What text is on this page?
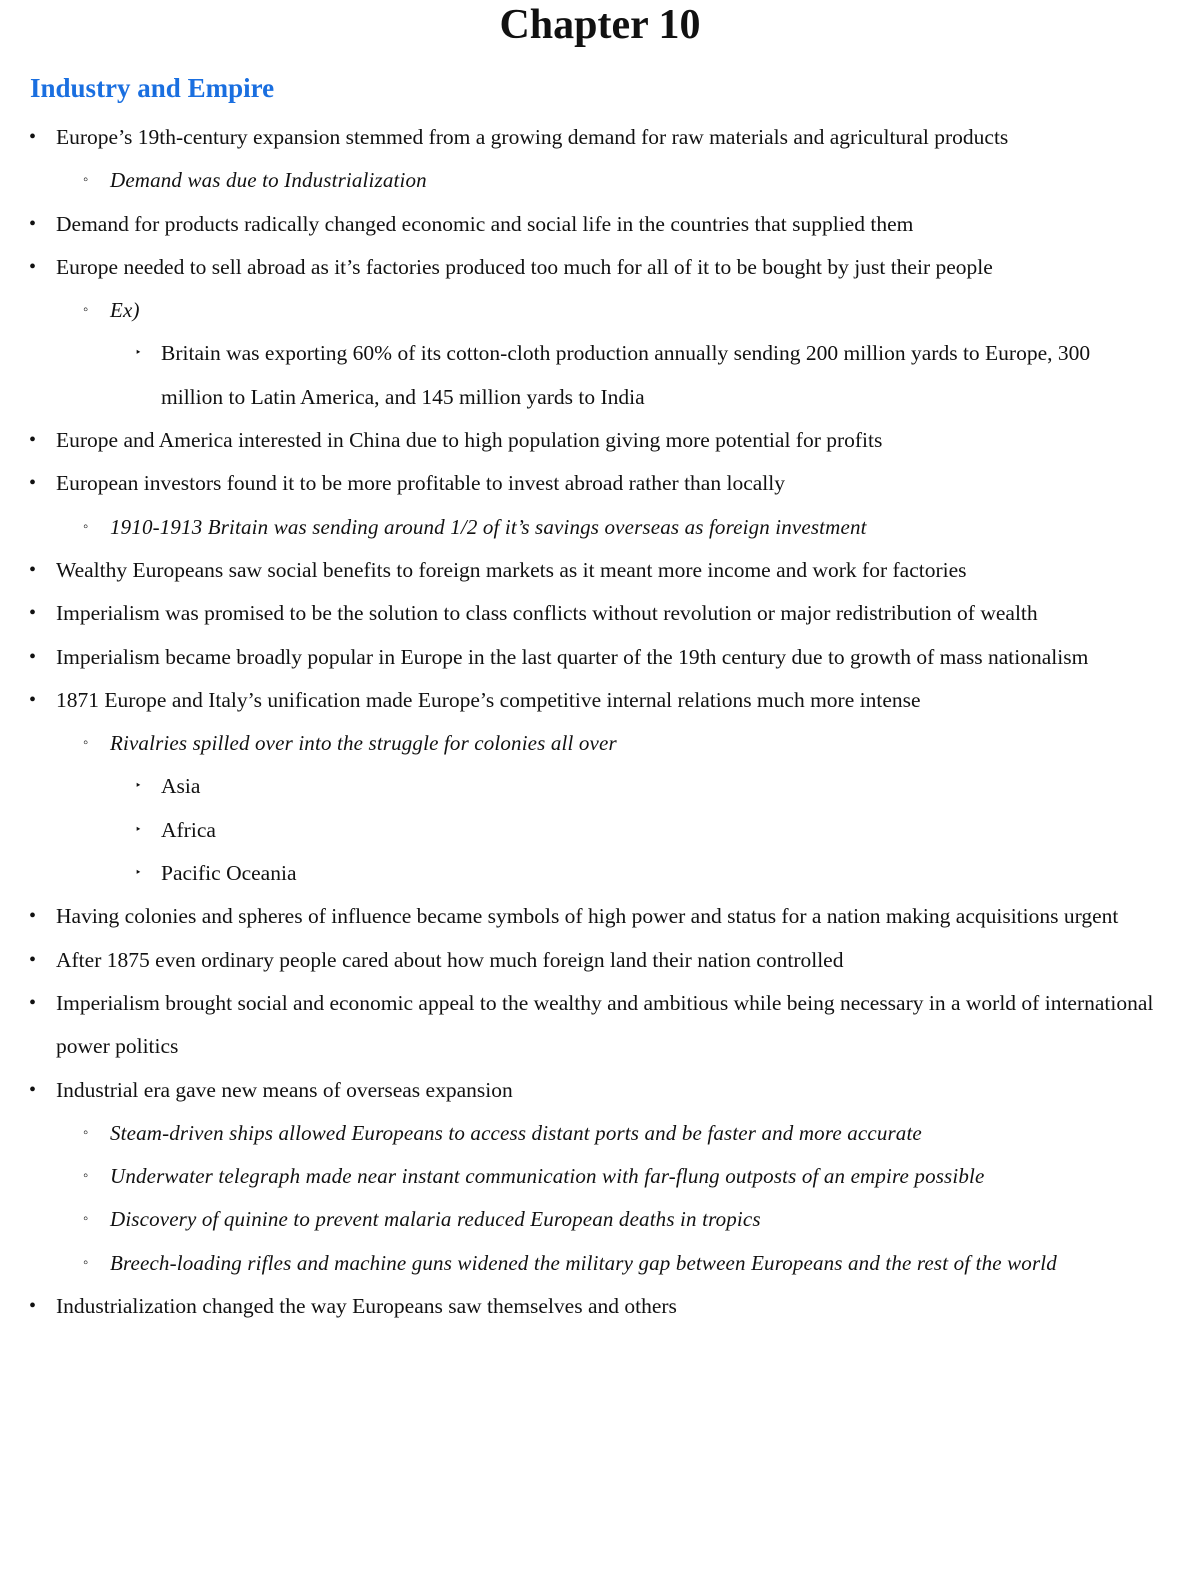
Chapter 10
Industry and Empire
• Europe’s 19th-century expansion stemmed from a growing demand for raw materials and agricultural products
◦ Demand was due to Industrialization
• Demand for products radically changed economic and social life in the countries that supplied them
• Europe needed to sell abroad as it’s factories produced too much for all of it to be bought by just their people
◦ Ex)
‣ Britain was exporting 60% of its cotton-cloth production annually sending 200 million yards to Europe, 300 million to Latin America, and 145 million yards to India
• Europe and America interested in China due to high population giving more potential for profits
• European investors found it to be more profitable to invest abroad rather than locally
◦ 1910-1913 Britain was sending around 1/2 of it’s savings overseas as foreign investment
• Wealthy Europeans saw social benefits to foreign markets as it meant more income and work for factories
• Imperialism was promised to be the solution to class conflicts without revolution or major redistribution of wealth
• Imperialism became broadly popular in Europe in the last quarter of the 19th century due to growth of mass nationalism
• 1871 Europe and Italy’s unification made Europe’s competitive internal relations much more intense
◦ Rivalries spilled over into the struggle for colonies all over
‣ Asia
‣ Africa
‣ Pacific Oceania
• Having colonies and spheres of influence became symbols of high power and status for a nation making acquisitions urgent
• After 1875 even ordinary people cared about how much foreign land their nation controlled
• Imperialism brought social and economic appeal to the wealthy and ambitious while being necessary in a world of international power politics
• Industrial era gave new means of overseas expansion
◦ Steam-driven ships allowed Europeans to access distant ports and be faster and more accurate
◦ Underwater telegraph made near instant communication with far-flung outposts of an empire possible
◦ Discovery of quinine to prevent malaria reduced European deaths in tropics
◦ Breech-loading rifles and machine guns widened the military gap between Europeans and the rest of the world
• Industrialization changed the way Europeans saw themselves and others
